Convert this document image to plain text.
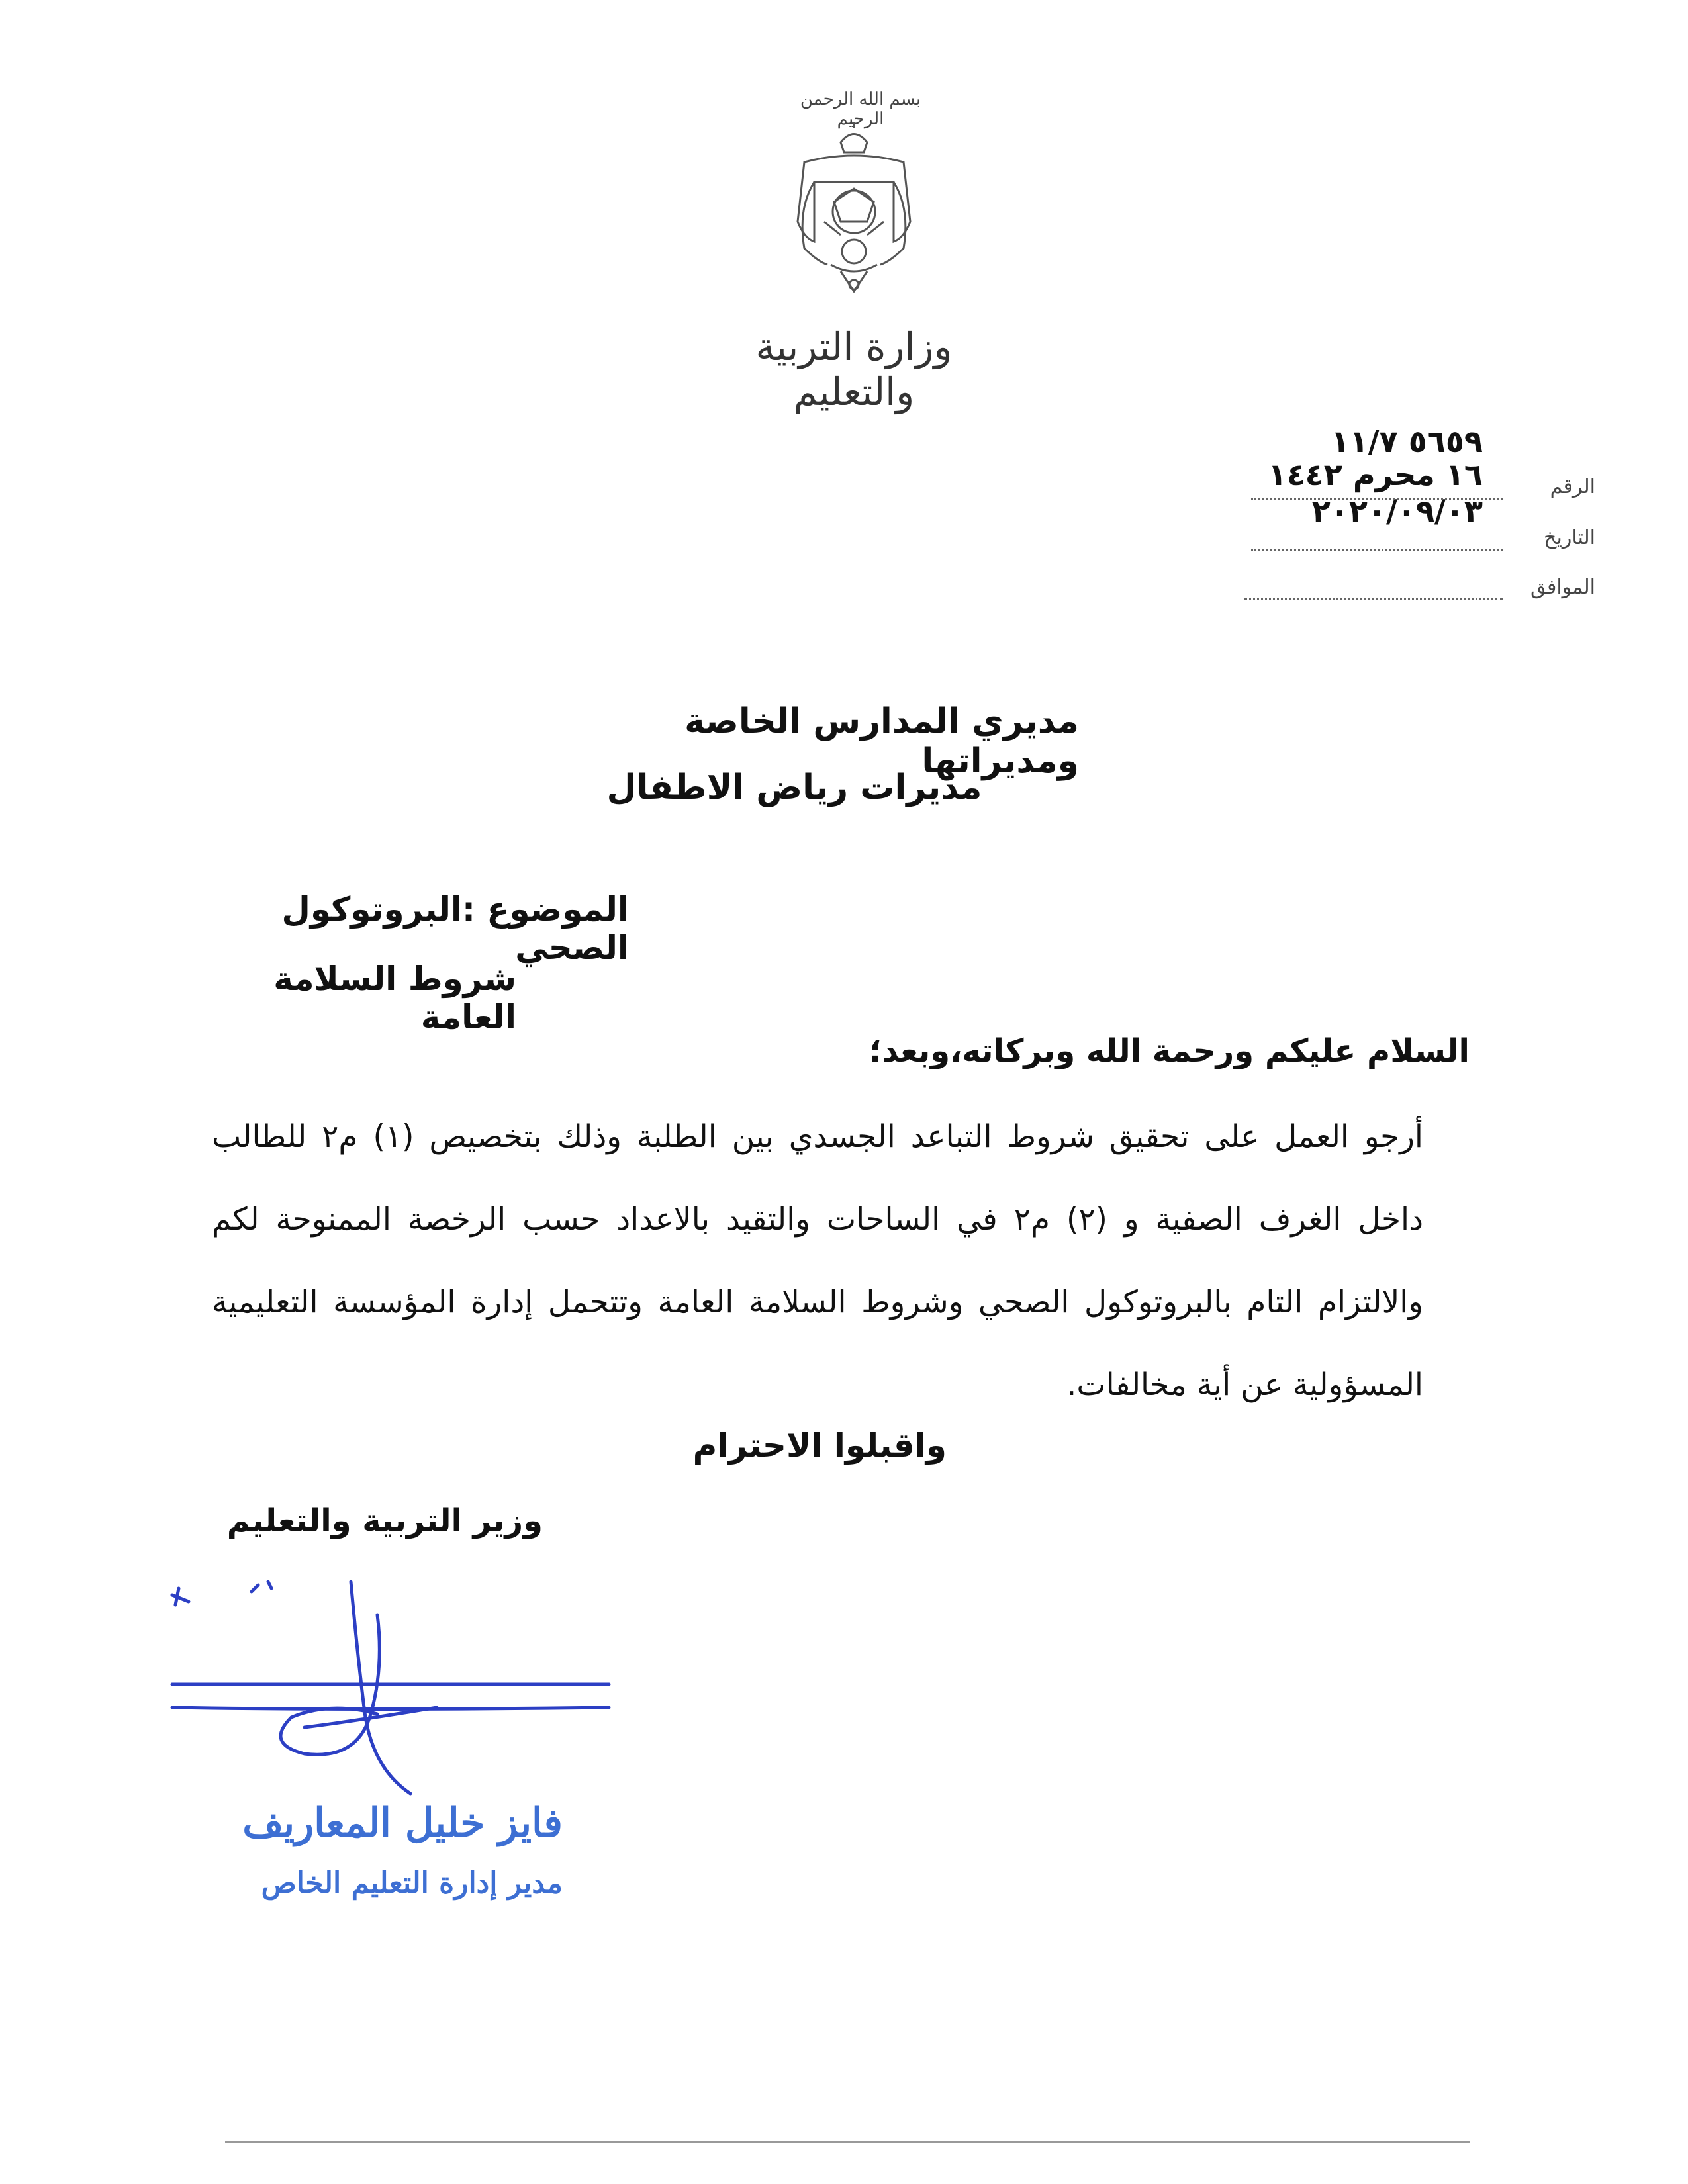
بسم الله الرحمن الرحيم
وزارة التربية والتعليم
٥٦٥٩ ١١/٧
١٦ محرم ١٤٤٢
٢٠٢٠/٠٩/٠٣
الرقم
التاريخ
الموافق
مديري المدارس الخاصة ومديراتها
مديرات رياض الاطفال
الموضوع :البروتوكول الصحي
شروط السلامة العامة
السلام عليكم ورحمة الله وبركاته،وبعد؛
أرجو العمل على تحقيق شروط التباعد الجسدي بين الطلبة وذلك بتخصيص (١) م٢ للطالب داخل الغرف الصفية و (٢) م٢ في الساحات والتقيد بالاعداد حسب الرخصة الممنوحة لكم والالتزام التام بالبروتوكول الصحي وشروط السلامة العامة وتتحمل إدارة المؤسسة التعليمية المسؤولية عن أية مخالفات.
واقبلوا الاحترام
وزير التربية والتعليم
فايز خليل المعاريف
مدير إدارة التعليم الخاص
